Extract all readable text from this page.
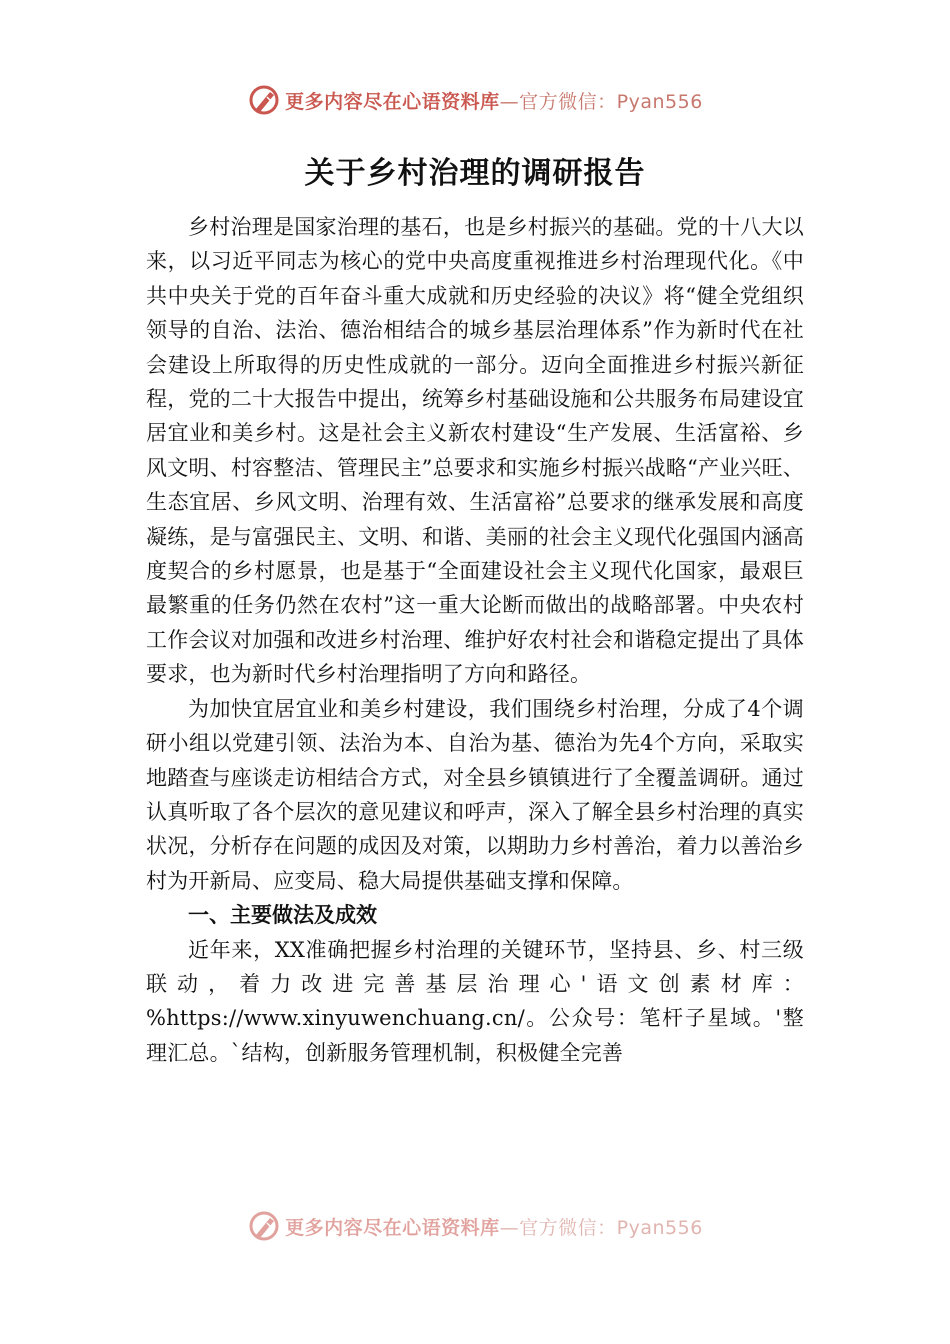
更多内容尽在心语资料库—官方微信：Pyan556
关于乡村治理的调研报告

乡村治理是国家治理的基石，也是乡村振兴的基础。党的十八大以来，以习近平同志为核心的党中央高度重视推进乡村治理现代化。《中共中央关于党的百年奋斗重大成就和历史经验的决议》将“健全党组织领导的自治、法治、德治相结合的城乡基层治理体系”作为新时代在社会建设上所取得的历史性成就的一部分。迈向全面推进乡村振兴新征程，党的二十大报告中提出，统筹乡村基础设施和公共服务布局建设宜居宜业和美乡村。这是社会主义新农村建设“生产发展、生活富裕、乡风文明、村容整洁、管理民主”总要求和实施乡村振兴战略“产业兴旺、生态宜居、乡风文明、治理有效、生活富裕”总要求的继承发展和高度凝练，是与富强民主、文明、和谐、美丽的社会主义现代化强国内涵高度契合的乡村愿景，也是基于“全面建设社会主义现代化国家，最艰巨最繁重的任务仍然在农村”这一重大论断而做出的战略部署。中央农村工作会议对加强和改进乡村治理、维护好农村社会和谐稳定提出了具体要求，也为新时代乡村治理指明了方向和路径。

为加快宜居宜业和美乡村建设，我们围绕乡村治理，分成了4个调研小组以党建引领、法治为本、自治为基、德治为先4个方向，采取实地踏查与座谈走访相结合方式，对全县乡镇镇进行了全覆盖调研。通过认真听取了各个层次的意见建议和呼声，深入了解全县乡村治理的真实状况，分析存在问题的成因及对策，以期助力乡村善治，着力以善治乡村为开新局、应变局、稳大局提供基础支撑和保障。

一、主要做法及成效

近年来，XX准确把握乡村治理的关键环节，坚持县、乡、村三级联动，着力改进完善基层治理心'语文创素材库：%https://www.xinyuwenchuang.cn/。公众号：笔杆子星域。'整理汇总。`结构，创新服务管理机制，积极健全完善

更多内容尽在心语资料库—官方微信：Pyan556
